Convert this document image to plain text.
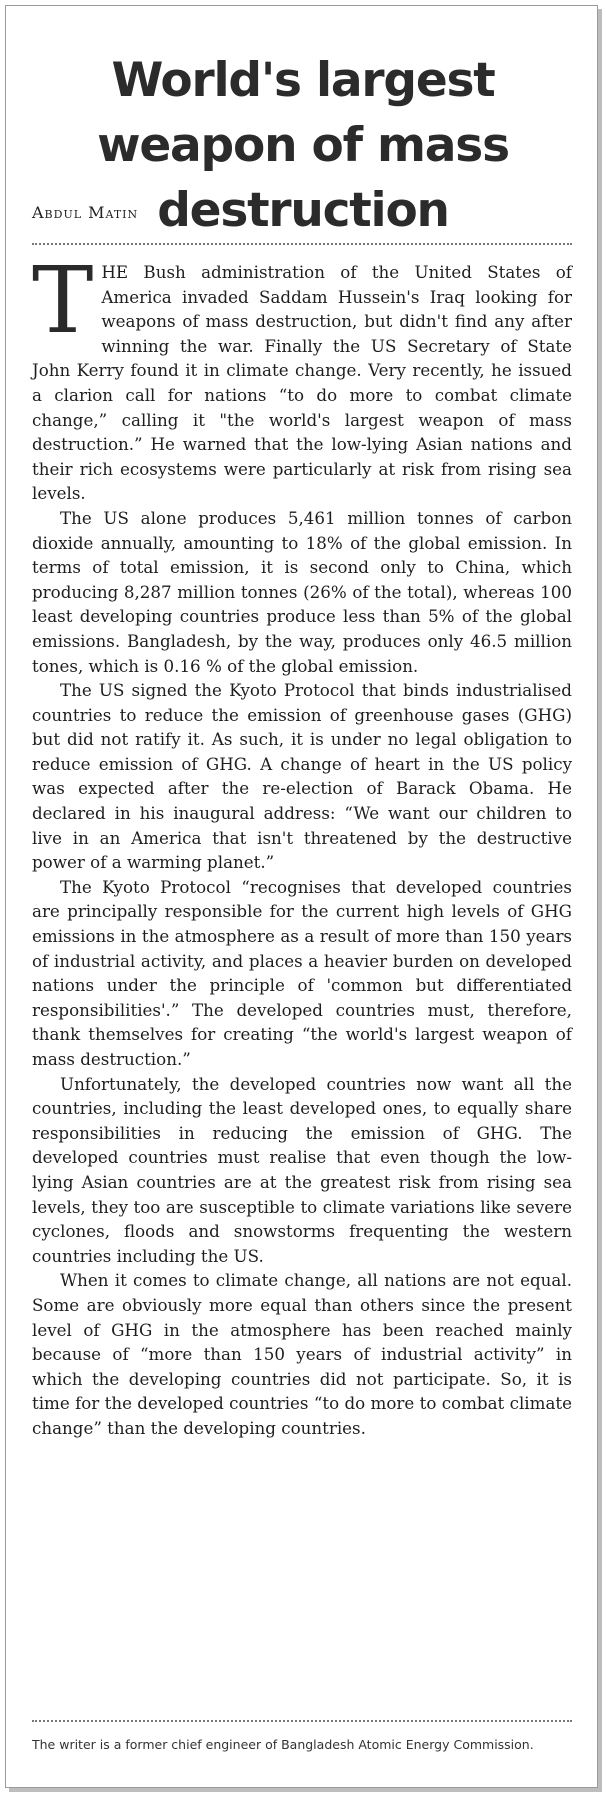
World's largest weapon of mass destruction
Abdul Matin

THE Bush administration of the United States of America invaded Saddam Hussein's Iraq looking for weapons of mass destruction, but didn't find any after winning the war. Finally the US Secretary of State John Kerry found it in climate change. Very recently, he issued a clarion call for nations “to do more to combat climate change,” calling it "the world's largest weapon of mass destruction.” He warned that the low-lying Asian nations and their rich ecosystems were particularly at risk from rising sea levels.

The US alone produces 5,461 million tonnes of carbon dioxide annually, amounting to 18% of the global emission. In terms of total emission, it is second only to China, which producing 8,287 million tonnes (26% of the total), whereas 100 least developing countries produce less than 5% of the global emissions. Bangladesh, by the way, produces only 46.5 million tones, which is 0.16 % of the global emission.

The US signed the Kyoto Protocol that binds industrialised countries to reduce the emission of greenhouse gases (GHG) but did not ratify it. As such, it is under no legal obligation to reduce emission of GHG. A change of heart in the US policy was expected after the re-election of Barack Obama. He declared in his inaugural address: “We want our children to live in an America that isn't threatened by the destructive power of a warming planet.”

The Kyoto Protocol “recognises that developed countries are principally responsible for the current high levels of GHG emissions in the atmosphere as a result of more than 150 years of industrial activity, and places a heavier burden on developed nations under the principle of 'common but differentiated responsibilities'.” The developed countries must, therefore, thank themselves for creating “the world's largest weapon of mass destruction.”

Unfortunately, the developed countries now want all the countries, including the least developed ones, to equally share responsibilities in reducing the emission of GHG. The developed countries must realise that even though the low-lying Asian countries are at the greatest risk from rising sea levels, they too are susceptible to climate variations like severe cyclones, floods and snowstorms frequenting the western countries including the US.

When it comes to climate change, all nations are not equal. Some are obviously more equal than others since the present level of GHG in the atmosphere has been reached mainly because of “more than 150 years of industrial activity” in which the developing countries did not participate. So, it is time for the developed countries “to do more to combat climate change” than the developing countries.

The writer is a former chief engineer of Bangladesh Atomic Energy Commission.
